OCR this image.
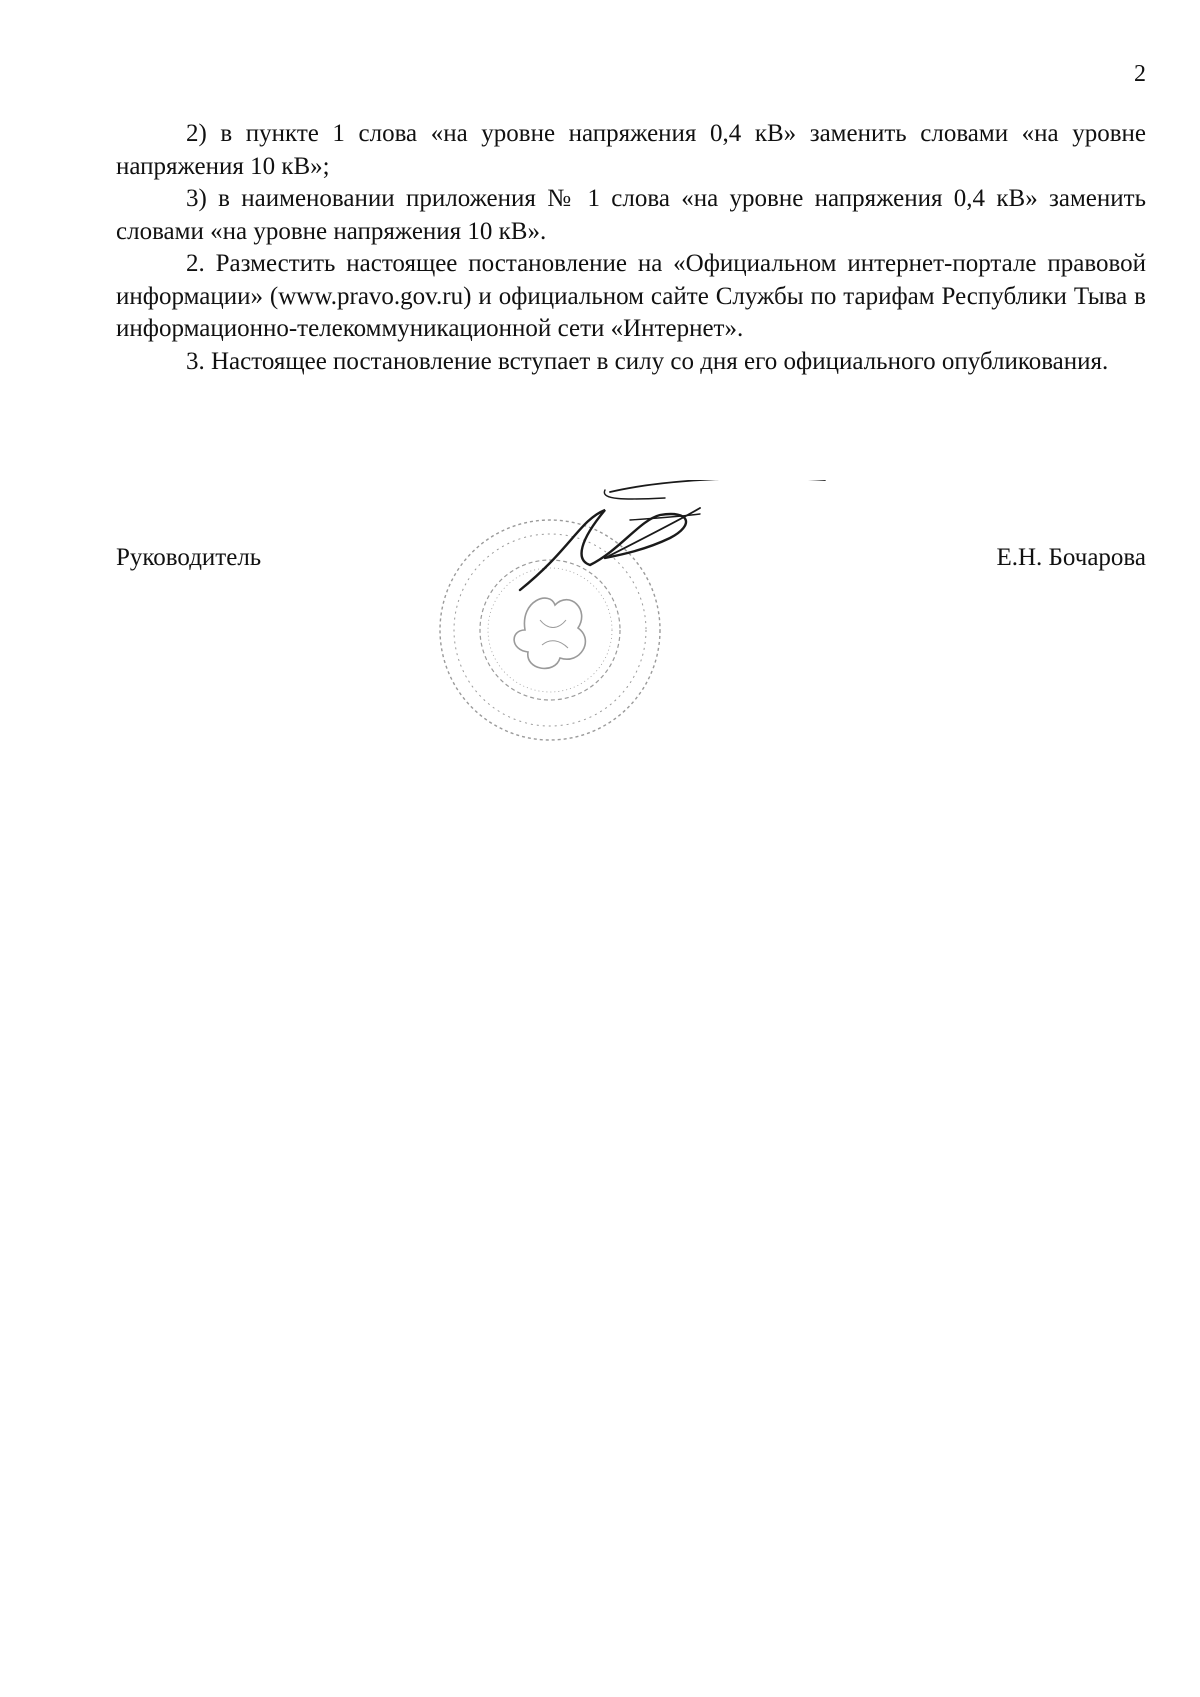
2

2) в пункте 1 слова «на уровне напряжения 0,4 кВ» заменить словами «на уровне напряжения 10 кВ»;

3) в наименовании приложения № 1 слова «на уровне напряжения 0,4 кВ» заменить словами «на уровне напряжения 10 кВ».

2. Разместить настоящее постановление на «Официальном интернет-портале правовой информации» (www.pravo.gov.ru) и официальном сайте Службы по тарифам Республики Тыва в информационно-телекоммуникационной сети «Интернет».

3. Настоящее постановление вступает в силу со дня его официального опубликования.

Руководитель	Е.Н. Бочарова
